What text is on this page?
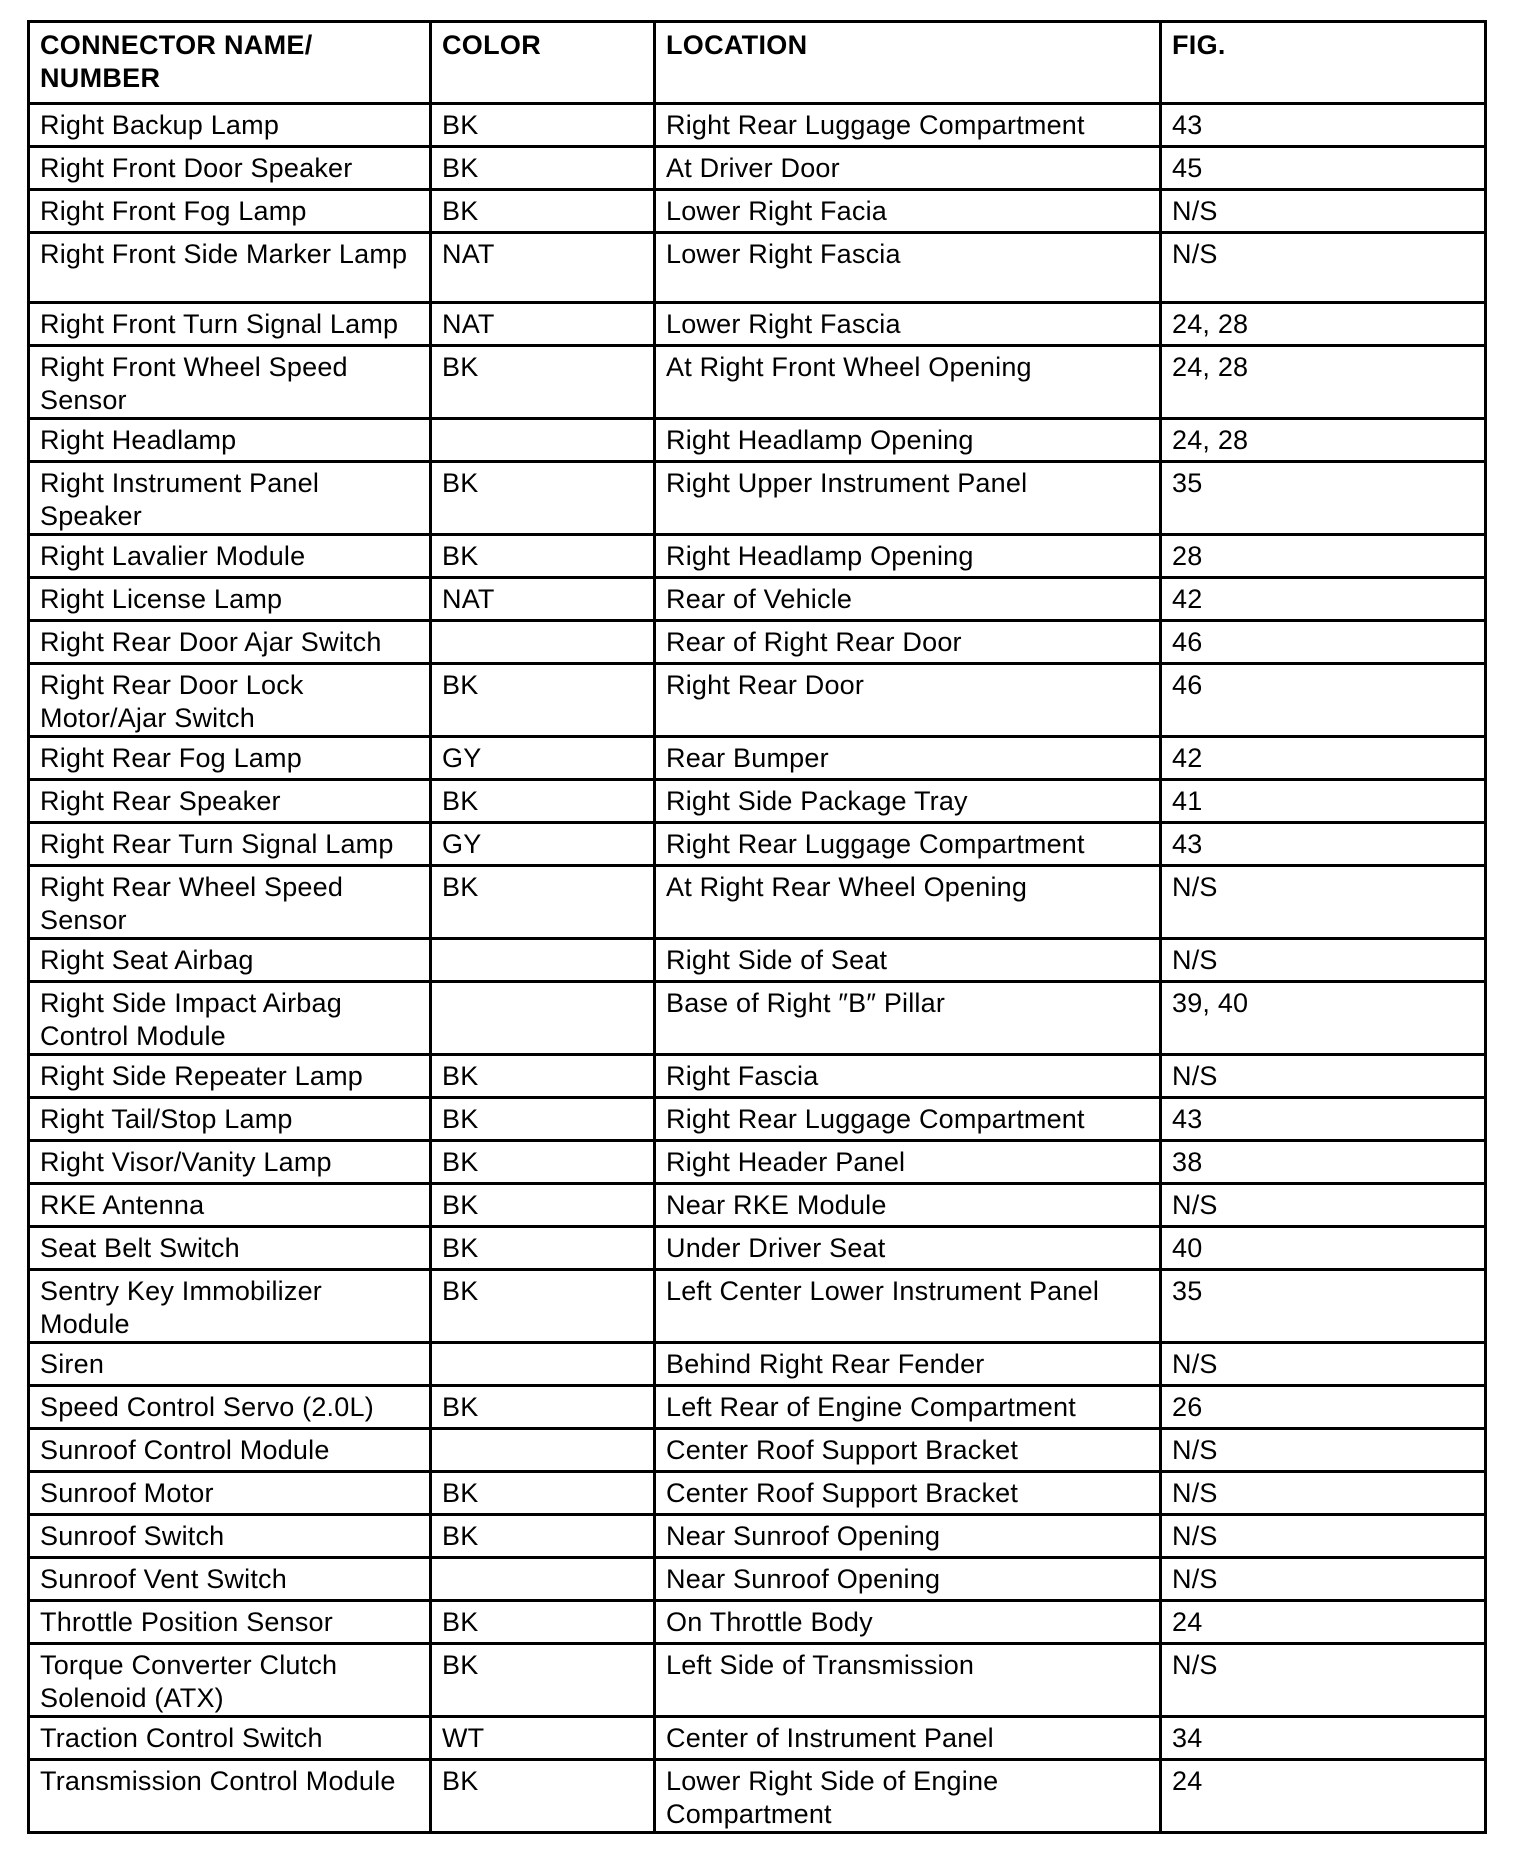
CONNECTOR NAME/ NUMBER	COLOR	LOCATION	FIG.
Right Backup Lamp	BK	Right Rear Luggage Compartment	43
Right Front Door Speaker	BK	At Driver Door	45
Right Front Fog Lamp	BK	Lower Right Facia	N/S
Right Front Side Marker Lamp	NAT	Lower Right Fascia	N/S
Right Front Turn Signal Lamp	NAT	Lower Right Fascia	24, 28
Right Front Wheel Speed Sensor	BK	At Right Front Wheel Opening	24, 28
Right Headlamp		Right Headlamp Opening	24, 28
Right Instrument Panel Speaker	BK	Right Upper Instrument Panel	35
Right Lavalier Module	BK	Right Headlamp Opening	28
Right License Lamp	NAT	Rear of Vehicle	42
Right Rear Door Ajar Switch		Rear of Right Rear Door	46
Right Rear Door Lock Motor/Ajar Switch	BK	Right Rear Door	46
Right Rear Fog Lamp	GY	Rear Bumper	42
Right Rear Speaker	BK	Right Side Package Tray	41
Right Rear Turn Signal Lamp	GY	Right Rear Luggage Compartment	43
Right Rear Wheel Speed Sensor	BK	At Right Rear Wheel Opening	N/S
Right Seat Airbag		Right Side of Seat	N/S
Right Side Impact Airbag Control Module		Base of Right ″B″ Pillar	39, 40
Right Side Repeater Lamp	BK	Right Fascia	N/S
Right Tail/Stop Lamp	BK	Right Rear Luggage Compartment	43
Right Visor/Vanity Lamp	BK	Right Header Panel	38
RKE Antenna	BK	Near RKE Module	N/S
Seat Belt Switch	BK	Under Driver Seat	40
Sentry Key Immobilizer Module	BK	Left Center Lower Instrument Panel	35
Siren		Behind Right Rear Fender	N/S
Speed Control Servo (2.0L)	BK	Left Rear of Engine Compartment	26
Sunroof Control Module		Center Roof Support Bracket	N/S
Sunroof Motor	BK	Center Roof Support Bracket	N/S
Sunroof Switch	BK	Near Sunroof Opening	N/S
Sunroof Vent Switch		Near Sunroof Opening	N/S
Throttle Position Sensor	BK	On Throttle Body	24
Torque Converter Clutch Solenoid (ATX)	BK	Left Side of Transmission	N/S
Traction Control Switch	WT	Center of Instrument Panel	34
Transmission Control Module	BK	Lower Right Side of Engine Compartment	24
